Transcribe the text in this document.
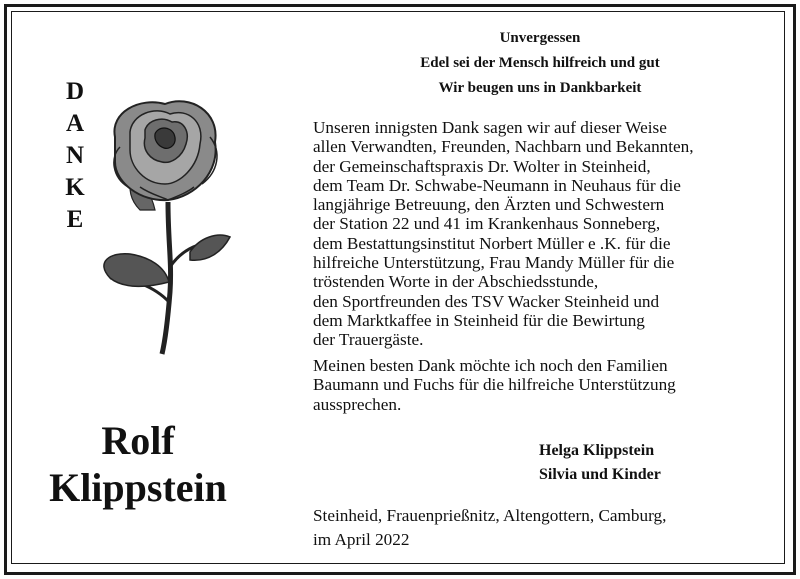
Unvergessen
Edel sei der Mensch hilfreich und gut
Wir beugen uns in Dankbarkeit
D
A
N
K
E
Rolf
Klippstein
Unseren innigsten Dank sagen wir auf dieser Weise
allen Verwandten, Freunden, Nachbarn und Bekannten,
der Gemeinschaftspraxis Dr. Wolter in Steinheid,
dem Team Dr. Schwabe-Neumann in Neuhaus für die
langjährige Betreuung, den Ärzten und Schwestern
der Station 22 und 41 im Krankenhaus Sonneberg,
dem Bestattungsinstitut Norbert Müller e .K. für die
hilfreiche Unterstützung, Frau Mandy Müller für die
tröstenden Worte in der Abschiedsstunde,
den Sportfreunden des TSV Wacker Steinheid und
dem Marktkaffee in Steinheid für die Bewirtung
der Trauergäste.
Meinen besten Dank möchte ich noch den Familien
Baumann und Fuchs für die hilfreiche Unterstützung
aussprechen.
Helga Klippstein
Silvia und Kinder
Steinheid, Frauenprießnitz, Altengottern, Camburg,
im April 2022
